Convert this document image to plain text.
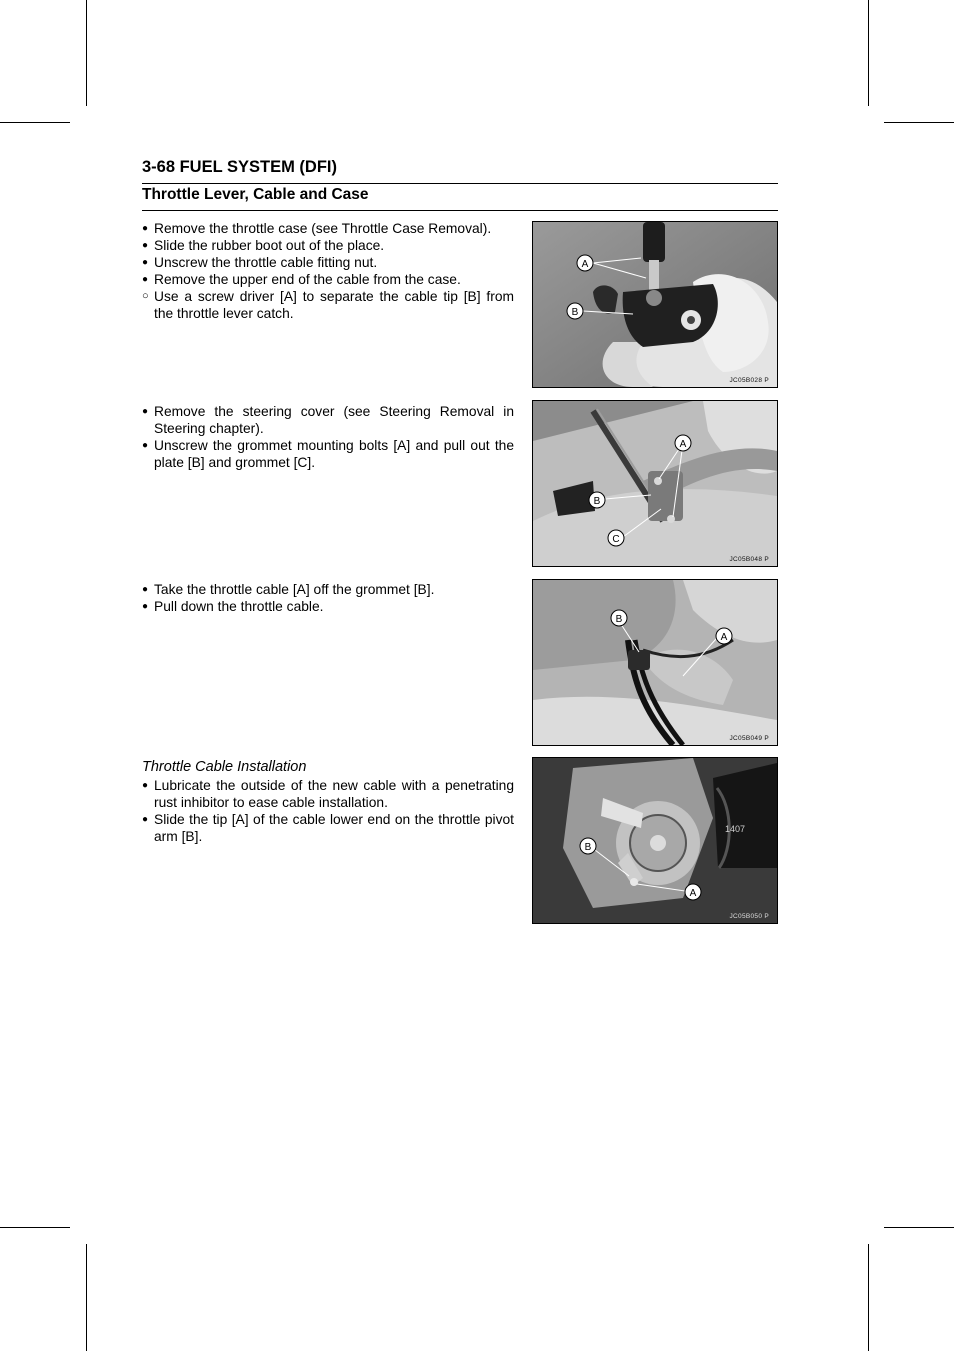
3-68 FUEL SYSTEM (DFI)
Throttle Lever, Cable and Case
●
Remove the throttle case (see Throttle Case Removal).
●
Slide the rubber boot out of the place.
●
Unscrew the throttle cable fitting nut.
●
Remove the upper end of the cable from the case.
○
Use a screw driver [A] to separate the cable tip [B] from the throttle lever catch.
●
Remove the steering cover (see Steering Removal in Steering chapter).
●
Unscrew the grommet mounting bolts [A] and pull out the plate [B] and grommet [C].
●
Take the throttle cable [A] off the grommet [B].
●
Pull down the throttle cable.
Throttle Cable Installation
●
Lubricate the outside of the new cable with a penetrating rust inhibitor to ease cable installation.
●
Slide the tip [A] of the cable lower end on the throttle pivot arm [B].
A
B
JC05B028 P
A
B
C
JC05B048 P
B
A
JC05B049 P
1407
B
A
JC05B050 P
